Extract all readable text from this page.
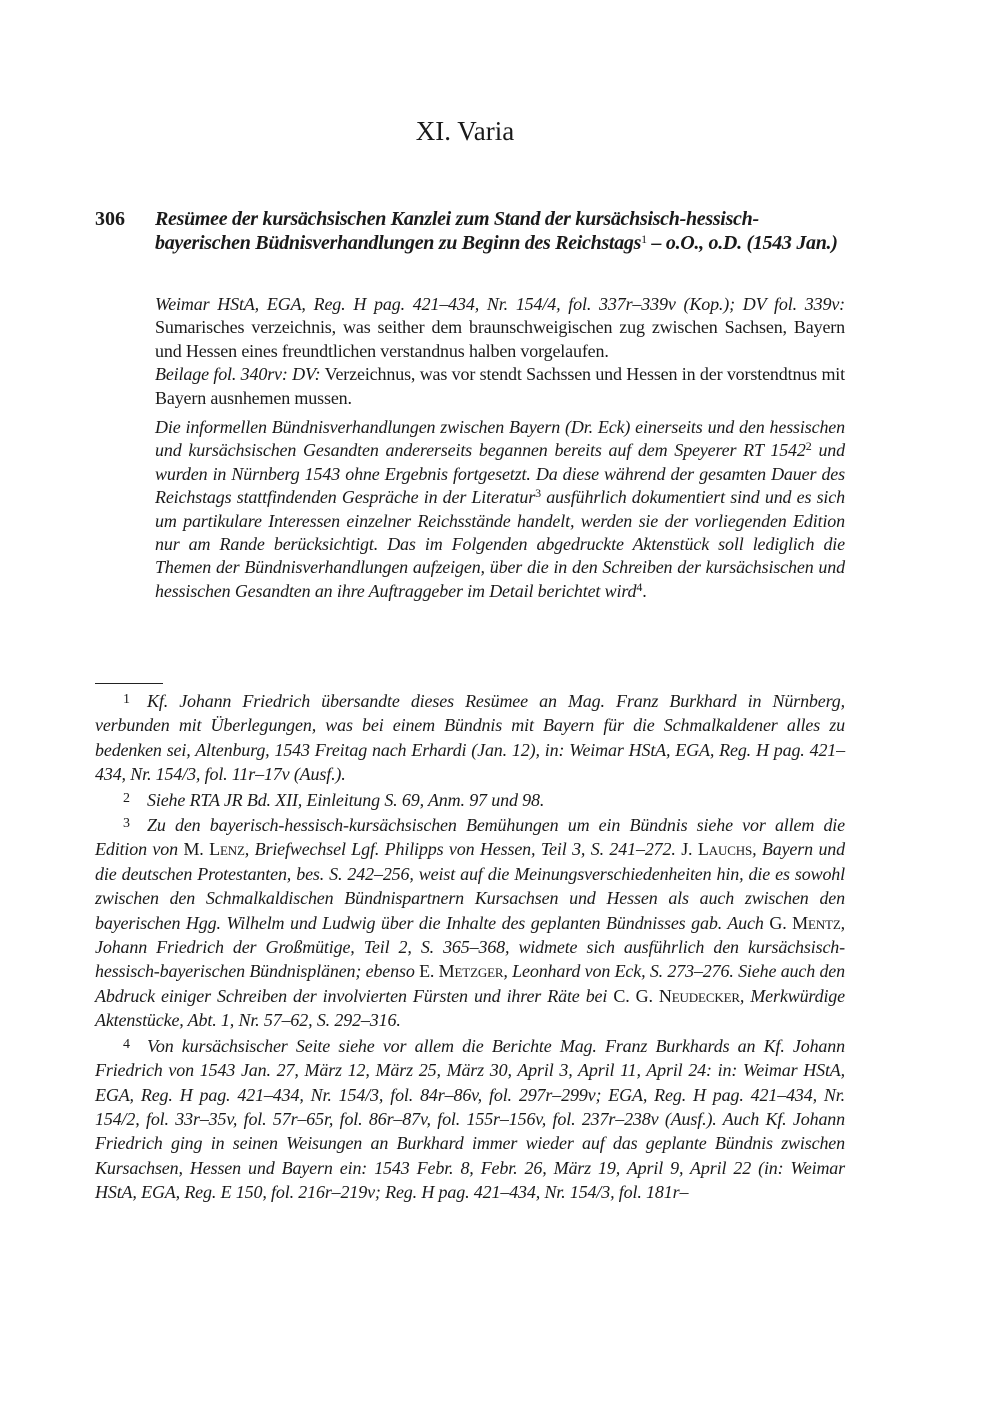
XI. Varia
306 Resümee der kursächsischen Kanzlei zum Stand der kursächsisch-hessisch-bayerischen Büdnisverhandlungen zu Beginn des Reichstags$^1$ – o.O., o.D. (1543 Jan.)

Weimar HStA, EGA, Reg. H pag. 421–434, Nr. 154/4, fol. 337r–339v (Kop.); DV fol. 339v: Sumarisches verzeichnis, was seither dem braunschweigischen zug zwischen Sachsen, Bayern und Hessen eines freundtlichen verstandnus halben vorgelaufen.

Beilage fol. 340rv: DV: Verzeichnus, was vor stendt Sachssen und Hessen in der vorstendtnus mit Bayern ausnhemen mussen.

Die informellen Bündnisverhandlungen zwischen Bayern (Dr. Eck) einerseits und den hessischen und kursächsischen Gesandten andererseits begannen bereits auf dem Speyerer RT 1542$^2$ und wurden in Nürnberg 1543 ohne Ergebnis fortgesetzt. Da diese während der gesamten Dauer des Reichstags stattfindenden Gespräche in der Literatur$^3$ ausführlich dokumentiert sind und es sich um partikulare Interessen einzelner Reichsstände handelt, werden sie der vorliegenden Edition nur am Rande berücksichtigt. Das im Folgenden abgedruckte Aktenstück soll lediglich die Themen der Bündnisverhandlungen aufzeigen, über die in den Schreiben der kursächsischen und hessischen Gesandten an ihre Auftraggeber im Detail berichtet wird$^4$.

1 Kf. Johann Friedrich übersandte dieses Resümee an Mag. Franz Burkhard in Nürnberg, verbunden mit Überlegungen, was bei einem Bündnis mit Bayern für die Schmalkaldener alles zu bedenken sei, Altenburg, 1543 Freitag nach Erhardi (Jan. 12), in: Weimar HStA, EGA, Reg. H pag. 421–434, Nr. 154/3, fol. 11r–17v (Ausf.).

2 Siehe RTA JR Bd. XII, Einleitung S. 69, Anm. 97 und 98.

3 Zu den bayerisch-hessisch-kursächsischen Bemühungen um ein Bündnis siehe vor allem die Edition von M. Lenz, Briefwechsel Lgf. Philipps von Hessen, Teil 3, S. 241–272. J. Lauchs, Bayern und die deutschen Protestanten, bes. S. 242–256, weist auf die Meinungsverschiedenheiten hin, die es sowohl zwischen den Schmalkaldischen Bündnispartnern Kursachsen und Hessen als auch zwischen den bayerischen Hgg. Wilhelm und Ludwig über die Inhalte des geplanten Bündnisses gab. Auch G. Mentz, Johann Friedrich der Großmütige, Teil 2, S. 365–368, widmete sich ausführlich den kursächsisch-hessisch-bayerischen Bündnisplänen; ebenso E. Metzger, Leonhard von Eck, S. 273–276. Siehe auch den Abdruck einiger Schreiben der involvierten Fürsten und ihrer Räte bei C. G. Neudecker, Merkwürdige Aktenstücke, Abt. 1, Nr. 57–62, S. 292–316.

4 Von kursächsischer Seite siehe vor allem die Berichte Mag. Franz Burkhards an Kf. Johann Friedrich von 1543 Jan. 27, März 12, März 25, März 30, April 3, April 11, April 24: in: Weimar HStA, EGA, Reg. H pag. 421–434, Nr. 154/3, fol. 84r–86v, fol. 297r–299v; EGA, Reg. H pag. 421–434, Nr. 154/2, fol. 33r–35v, fol. 57r–65r, fol. 86r–87v, fol. 155r–156v, fol. 237r–238v (Ausf.). Auch Kf. Johann Friedrich ging in seinen Weisungen an Burkhard immer wieder auf das geplante Bündnis zwischen Kursachsen, Hessen und Bayern ein: 1543 Febr. 8, Febr. 26, März 19, April 9, April 22 (in: Weimar HStA, EGA, Reg. E 150, fol. 216r–219v; Reg. H pag. 421–434, Nr. 154/3, fol. 181r–
